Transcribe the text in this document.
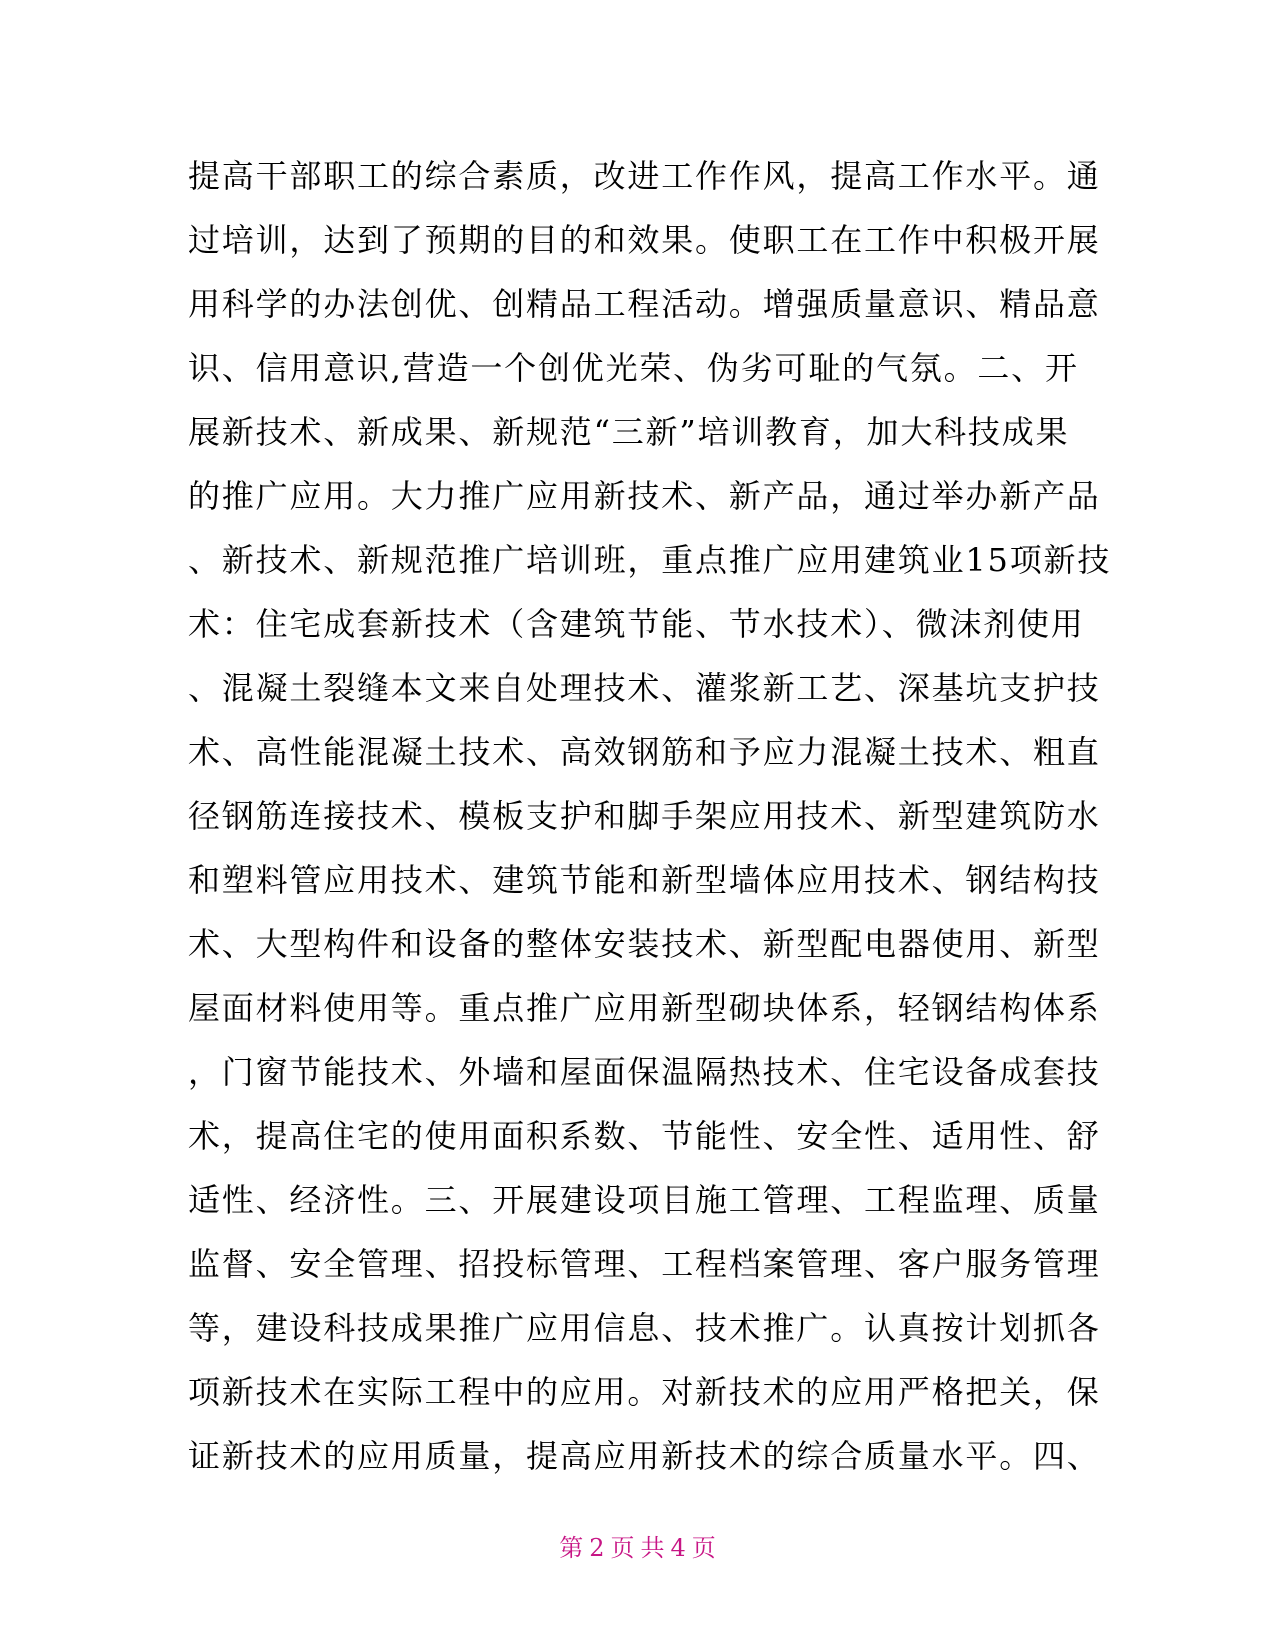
提高干部职工的综合素质，改进工作作风，提高工作水平。通
过培训，达到了预期的目的和效果。使职工在工作中积极开展
用科学的办法创优、创精品工程活动。增强质量意识、精品意
识、信用意识,营造一个创优光荣、伪劣可耻的气氛。二、开
展新技术、新成果、新规范“三新”培训教育，加大科技成果
的推广应用。大力推广应用新技术、新产品，通过举办新产品
、新技术、新规范推广培训班，重点推广应用建筑业15项新技
术：住宅成套新技术（含建筑节能、节水技术）、微沫剂使用
、混凝土裂缝本文来自处理技术、灌浆新工艺、深基坑支护技
术、高性能混凝土技术、高效钢筋和予应力混凝土技术、粗直
径钢筋连接技术、模板支护和脚手架应用技术、新型建筑防水
和塑料管应用技术、建筑节能和新型墙体应用技术、钢结构技
术、大型构件和设备的整体安装技术、新型配电器使用、新型
屋面材料使用等。重点推广应用新型砌块体系，轻钢结构体系
，门窗节能技术、外墙和屋面保温隔热技术、住宅设备成套技
术，提高住宅的使用面积系数、节能性、安全性、适用性、舒
适性、经济性。三、开展建设项目施工管理、工程监理、质量
监督、安全管理、招投标管理、工程档案管理、客户服务管理
等，建设科技成果推广应用信息、技术推广。认真按计划抓各
项新技术在实际工程中的应用。对新技术的应用严格把关，保
证新技术的应用质量，提高应用新技术的综合质量水平。四、
第 2 页 共 4 页
